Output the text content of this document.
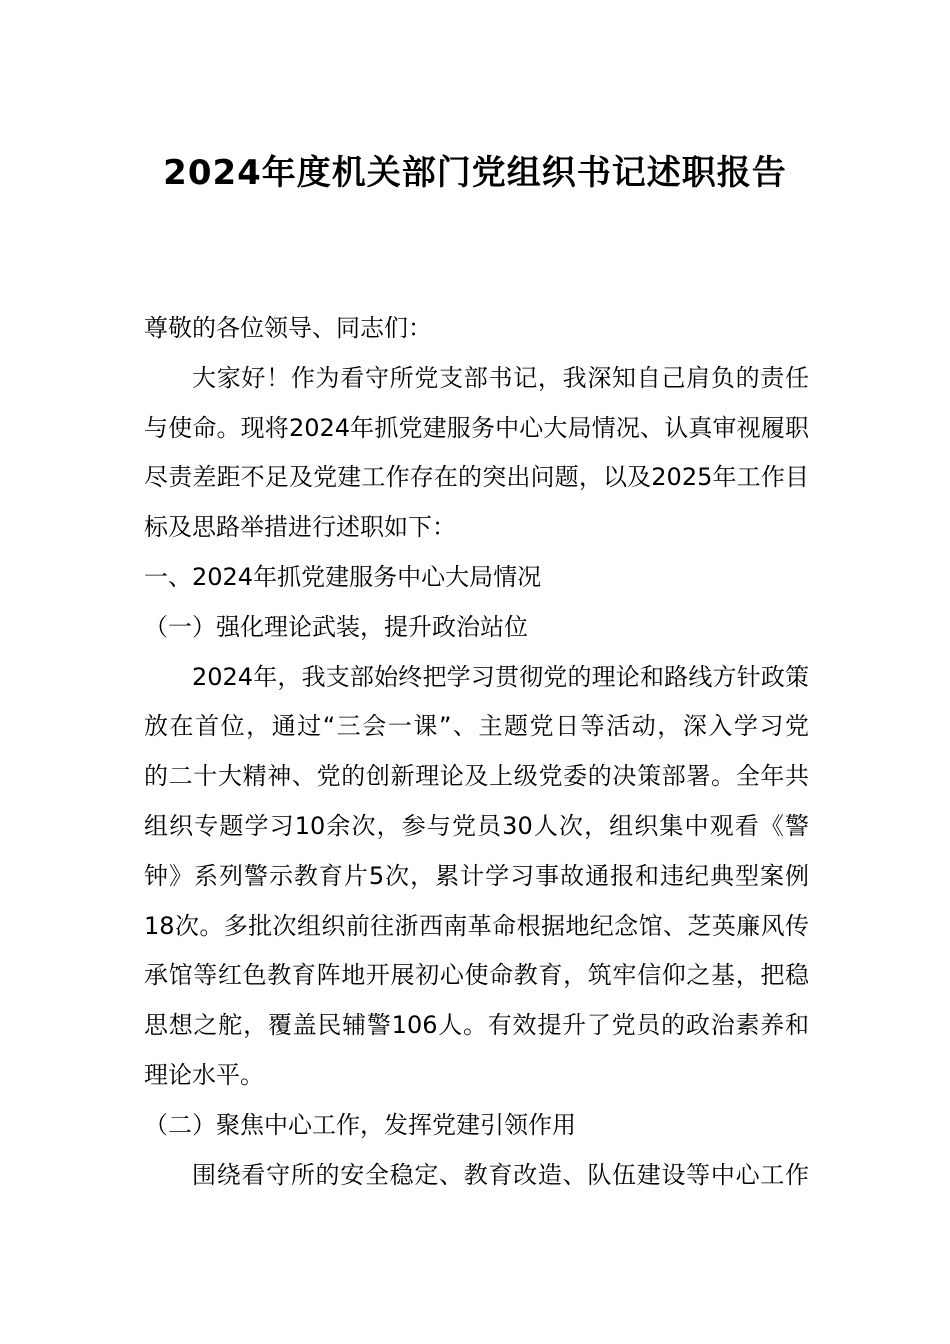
2024年度机关部门党组织书记述职报告
尊敬的各位领导、同志们：
大家好！作为看守所党支部书记，我深知自己肩负的责任
与使命。现将2024年抓党建服务中心大局情况、认真审视履职
尽责差距不足及党建工作存在的突出问题，以及2025年工作目
标及思路举措进行述职如下：
一、2024年抓党建服务中心大局情况
（一）强化理论武装，提升政治站位
2024年，我支部始终把学习贯彻党的理论和路线方针政策
放在首位，通过“三会一课”、主题党日等活动，深入学习党
的二十大精神、党的创新理论及上级党委的决策部署。全年共
组织专题学习10余次，参与党员30人次，组织集中观看《警
钟》系列警示教育片5次，累计学习事故通报和违纪典型案例
18次。多批次组织前往浙西南革命根据地纪念馆、芝英廉风传
承馆等红色教育阵地开展初心使命教育，筑牢信仰之基，把稳
思想之舵，覆盖民辅警106人。有效提升了党员的政治素养和
理论水平。
（二）聚焦中心工作，发挥党建引领作用
围绕看守所的安全稳定、教育改造、队伍建设等中心工作
